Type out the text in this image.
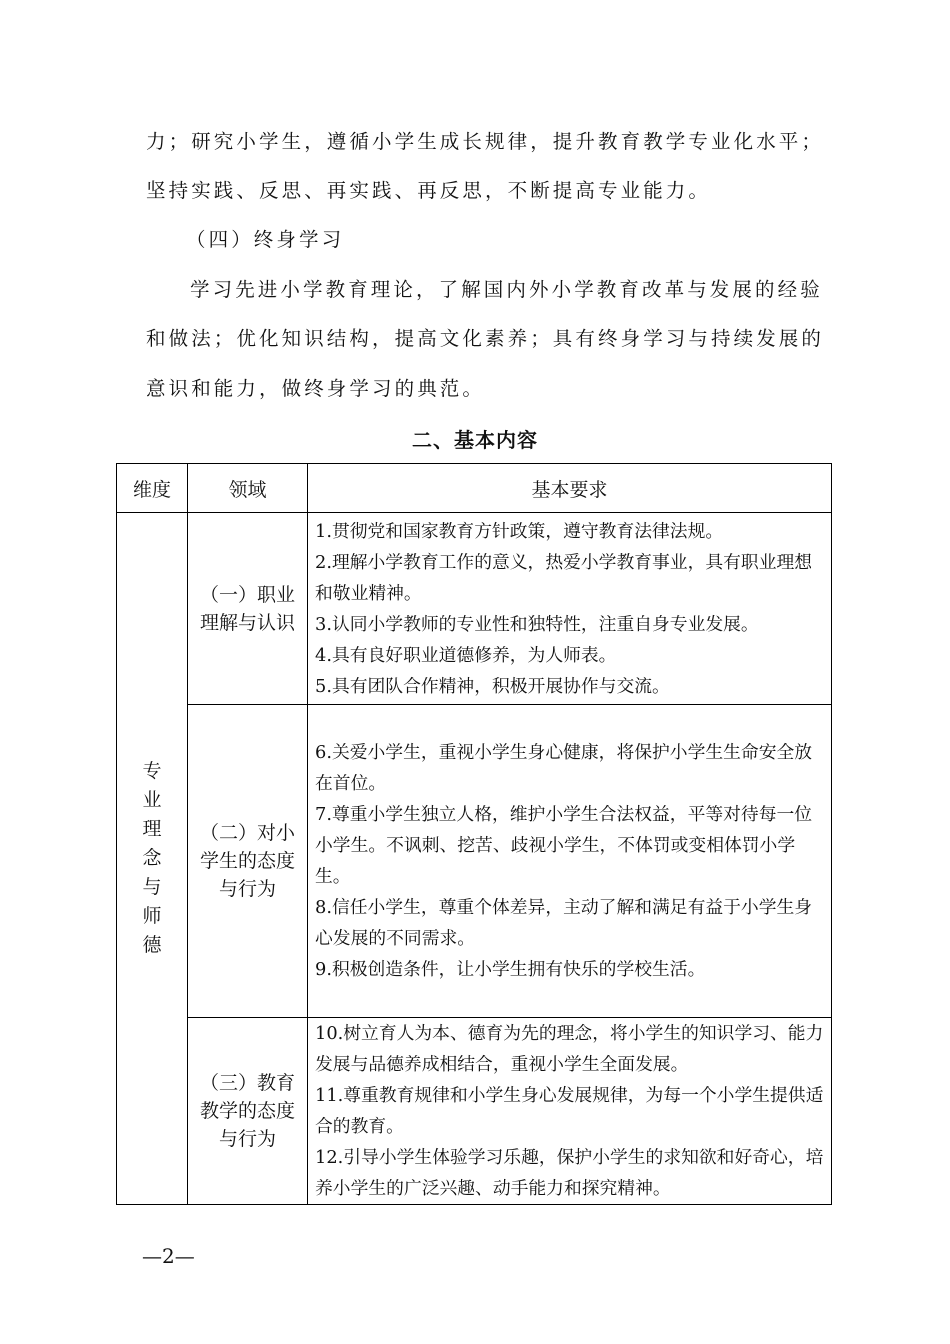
力；研究小学生，遵循小学生成长规律，提升教育教学专业化水平；
坚持实践、反思、再实践、再反思，不断提高专业能力。
（四）终身学习
学习先进小学教育理论，了解国内外小学教育改革与发展的经验
和做法；优化知识结构，提高文化素养；具有终身学习与持续发展的
意识和能力，做终身学习的典范。
二、基本内容
维度	领域	基本要求

专业理念与师德	（一）职业理解与认识	1.贯彻党和国家教育方针政策，遵守教育法律法规。
2.理解小学教育工作的意义，热爱小学教育事业，具有职业理想和敬业精神。
3.认同小学教师的专业性和独特性，注重自身专业发展。
4.具有良好职业道德修养，为人师表。
5.具有团队合作精神，积极开展协作与交流。

	（二）对小学生的态度与行为	6.关爱小学生，重视小学生身心健康，将保护小学生生命安全放在首位。
7.尊重小学生独立人格，维护小学生合法权益，平等对待每一位小学生。不讽刺、挖苦、歧视小学生，不体罚或变相体罚小学生。
8.信任小学生，尊重个体差异，主动了解和满足有益于小学生身心发展的不同需求。
9.积极创造条件，让小学生拥有快乐的学校生活。

	（三）教育教学的态度与行为	10.树立育人为本、德育为先的理念，将小学生的知识学习、能力发展与品德养成相结合，重视小学生全面发展。
11.尊重教育规律和小学生身心发展规律，为每一个小学生提供适合的教育。
12.引导小学生体验学习乐趣，保护小学生的求知欲和好奇心，培养小学生的广泛兴趣、动手能力和探究精神。
—2—
